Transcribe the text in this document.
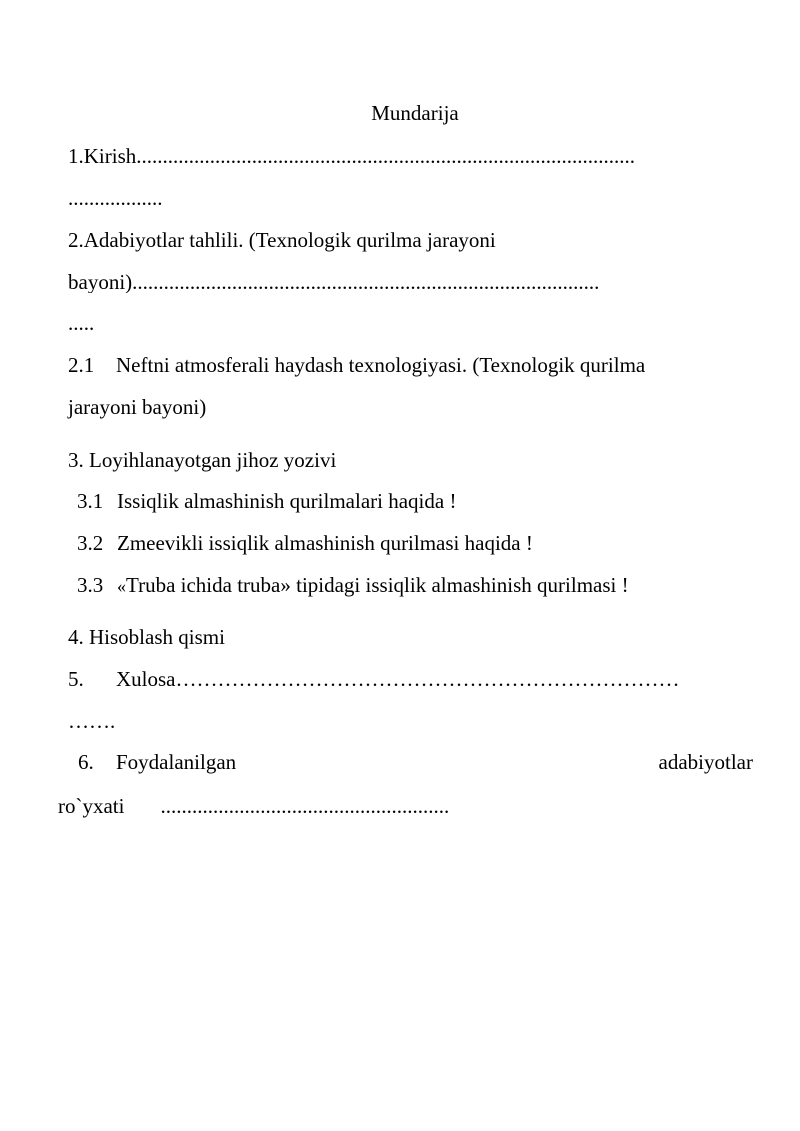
Mundarija
1.Kirish...............................................................................................
..................
2.Adabiyotlar tahlili. (Texnologik qurilma jarayoni
bayoni).........................................................................................
.....
2.1 Neftni atmosferali haydash texnologiyasi. (Texnologik qurilma
jarayoni bayoni)
3. Loyihlanayotgan jihoz yozivi
3.1 Issiqlik almashinish qurilmalari haqida !
3.2 Zmeevikli issiqlik almashinish qurilmasi haqida !
3.3 «Truba ichida truba» tipidagi issiqlik almashinish qurilmasi !
4. Hisoblash qismi
5. Xulosa………………………………………………………………
…….
6. Foydalanilgan	adabiyotlar
ro`yxati .......................................................
